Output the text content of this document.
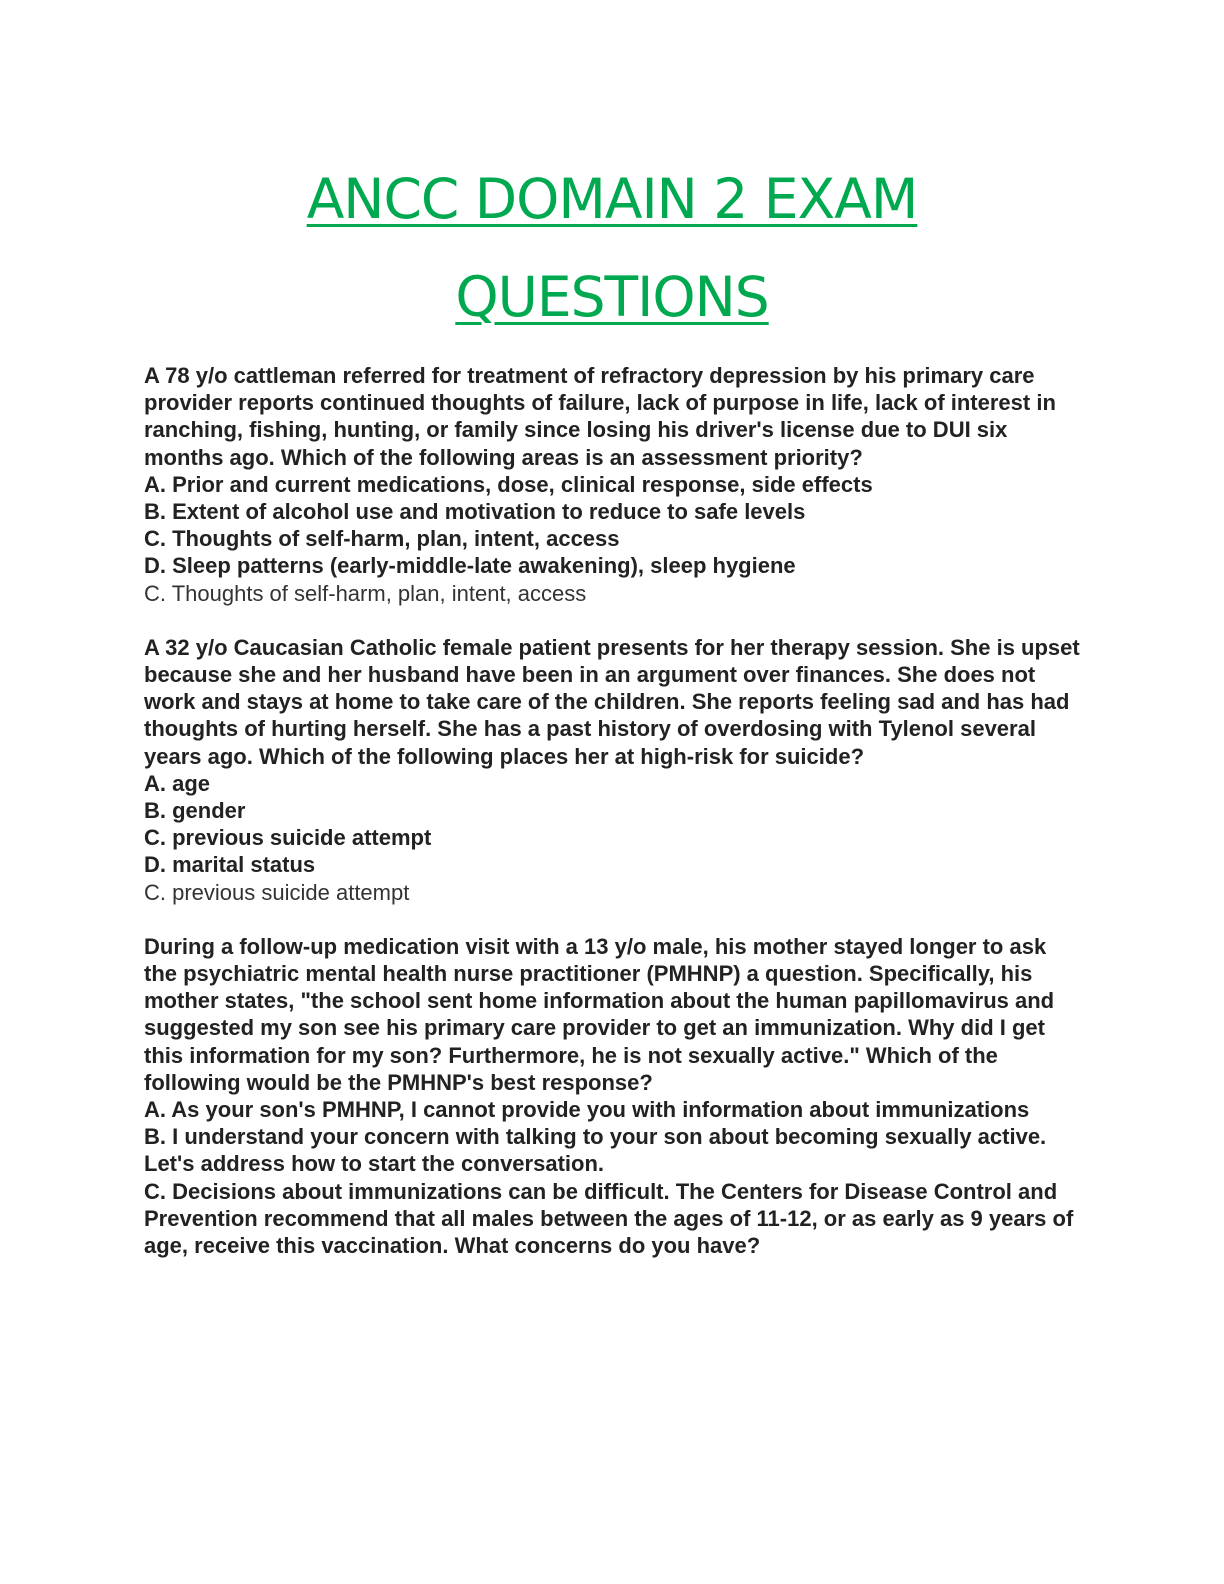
ANCC DOMAIN 2 EXAM
QUESTIONS

A 78 y/o cattleman referred for treatment of refractory depression by his primary care provider reports continued thoughts of failure, lack of purpose in life, lack of interest in ranching, fishing, hunting, or family since losing his driver's license due to DUI six months ago. Which of the following areas is an assessment priority?

A. Prior and current medications, dose, clinical response, side effects

B. Extent of alcohol use and motivation to reduce to safe levels

C. Thoughts of self-harm, plan, intent, access

D. Sleep patterns (early-middle-late awakening), sleep hygiene

C. Thoughts of self-harm, plan, intent, access

A 32 y/o Caucasian Catholic female patient presents for her therapy session. She is upset because she and her husband have been in an argument over finances. She does not work and stays at home to take care of the children. She reports feeling sad and has had thoughts of hurting herself. She has a past history of overdosing with Tylenol several years ago. Which of the following places her at high-risk for suicide?

A. age

B. gender

C. previous suicide attempt

D. marital status

C. previous suicide attempt

During a follow-up medication visit with a 13 y/o male, his mother stayed longer to ask the psychiatric mental health nurse practitioner (PMHNP) a question. Specifically, his mother states, "the school sent home information about the human papillomavirus and suggested my son see his primary care provider to get an immunization. Why did I get this information for my son? Furthermore, he is not sexually active." Which of the following would be the PMHNP's best response?

A. As your son's PMHNP, I cannot provide you with information about immunizations

B. I understand your concern with talking to your son about becoming sexually active. Let's address how to start the conversation.

C. Decisions about immunizations can be difficult. The Centers for Disease Control and Prevention recommend that all males between the ages of 11-12, or as early as 9 years of age, receive this vaccination. What concerns do you have?
